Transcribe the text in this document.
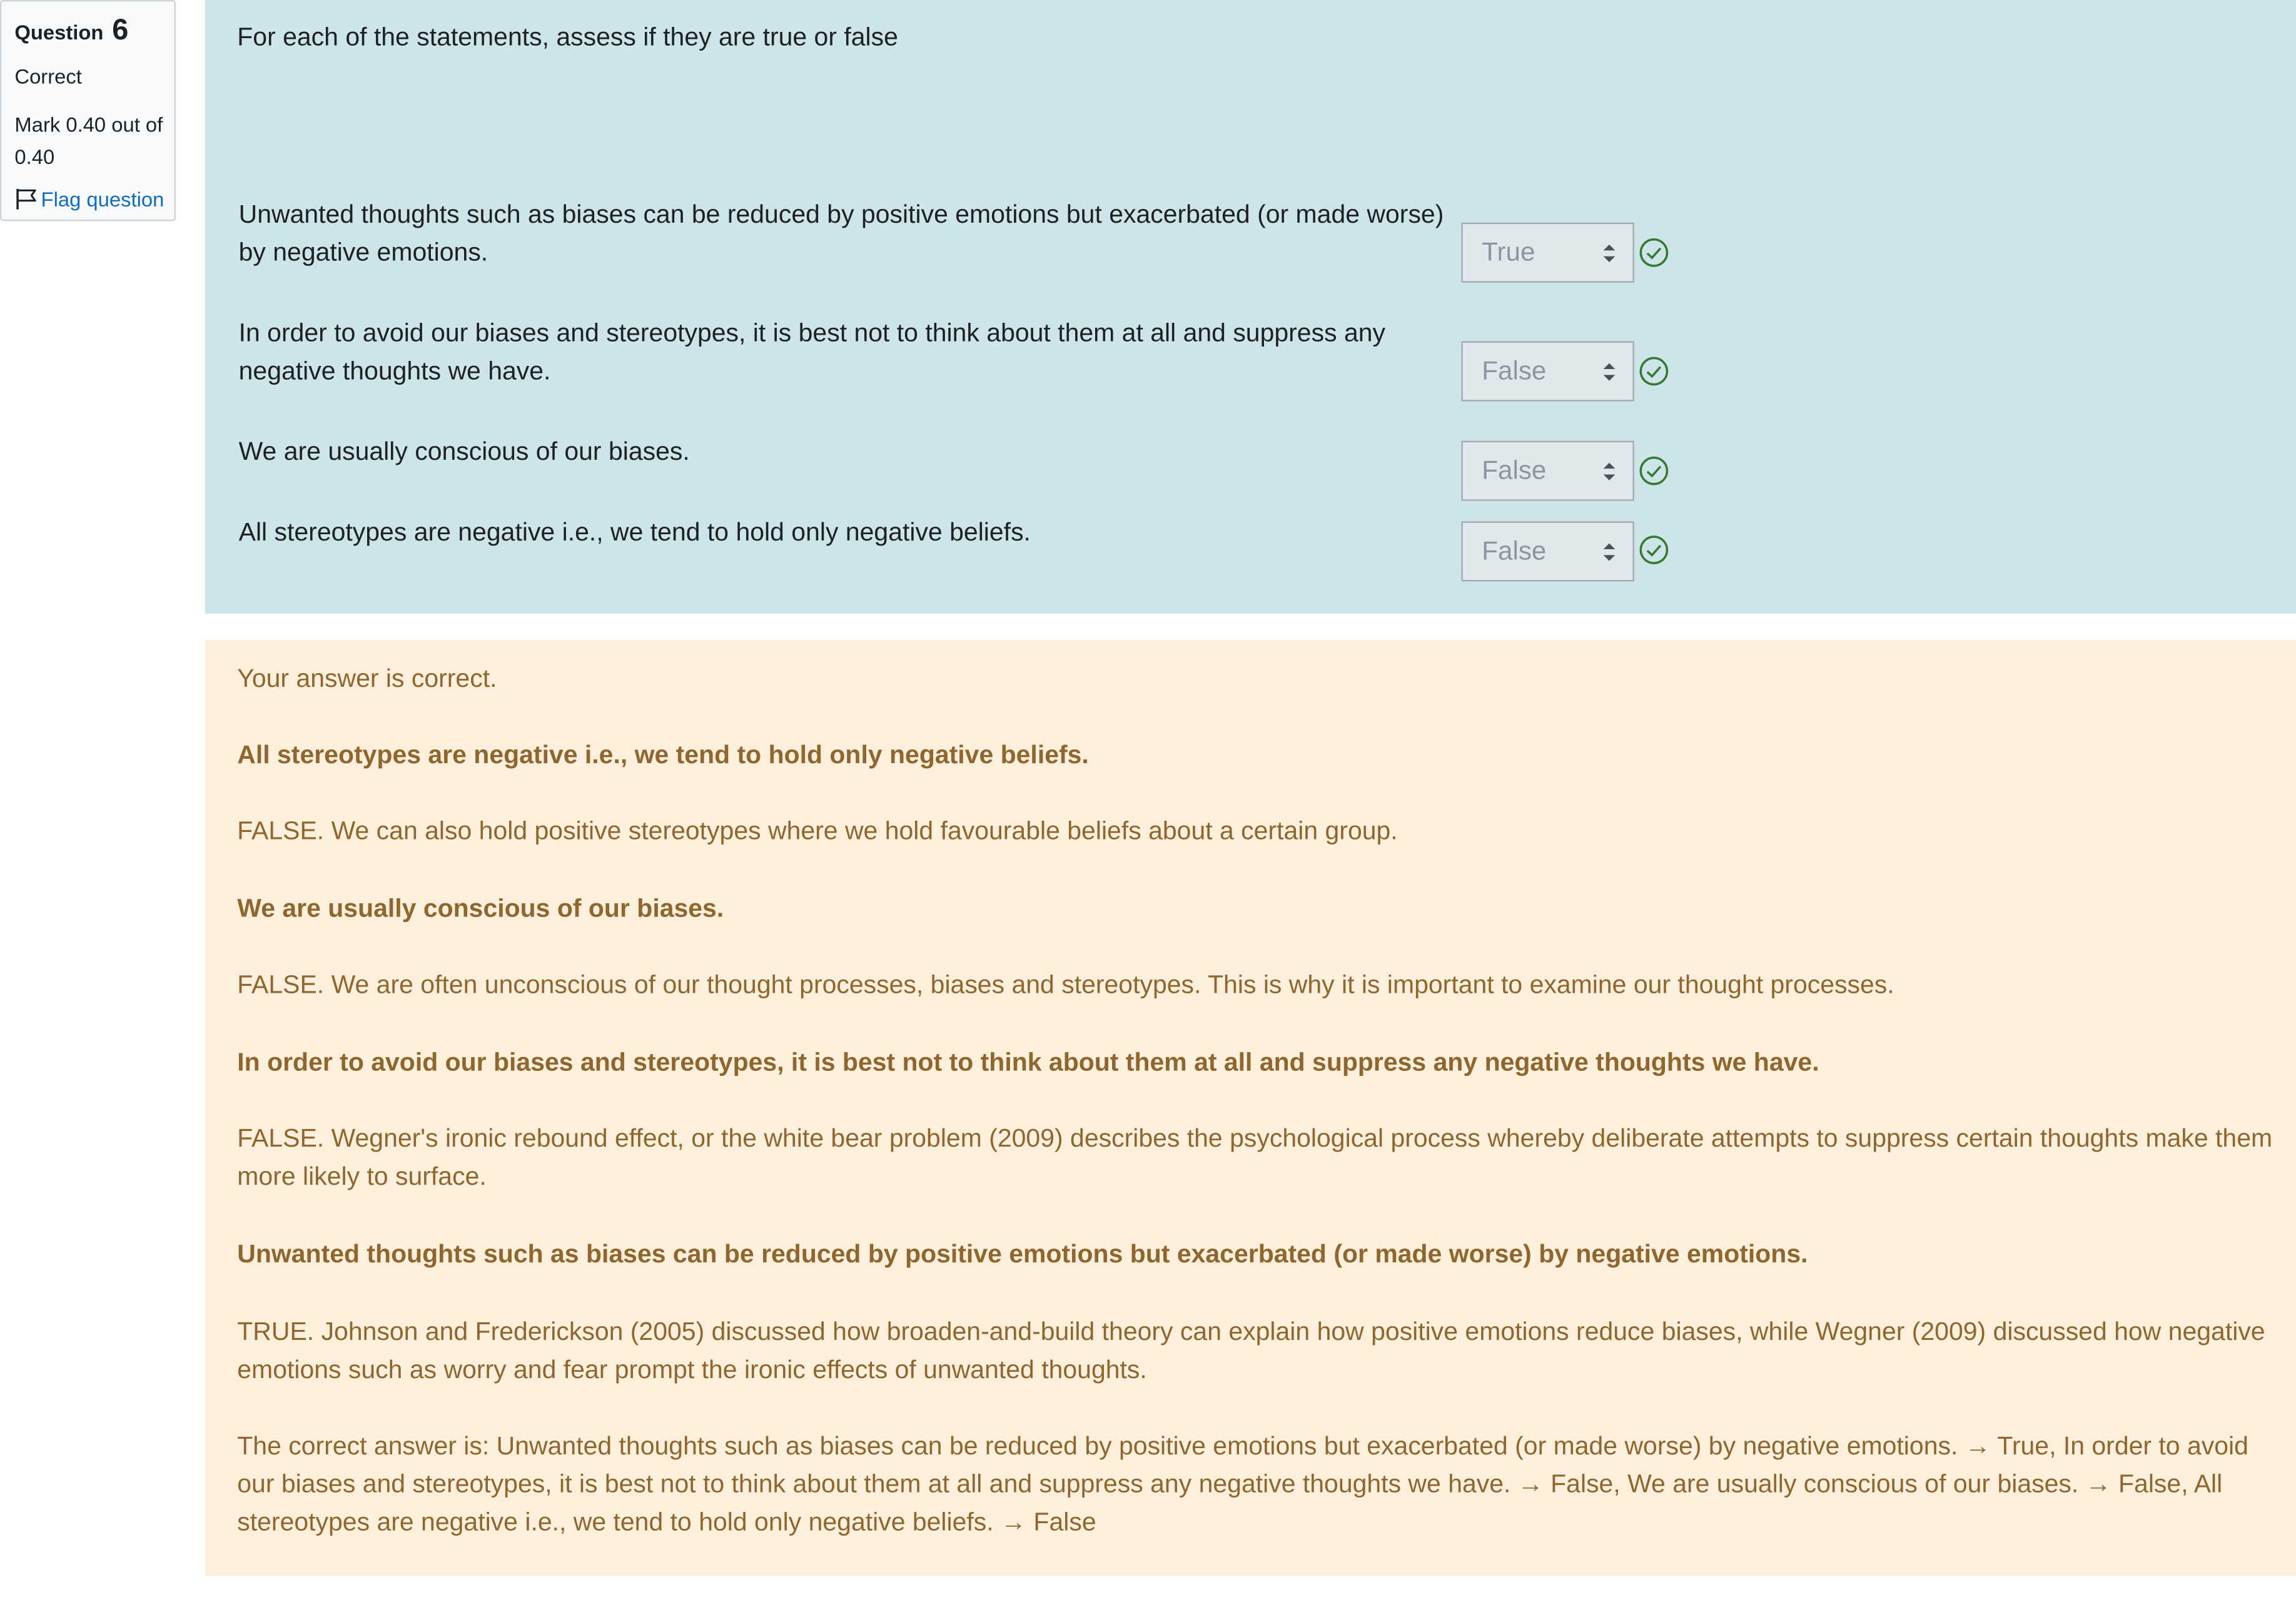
Question 6
Correct
Mark 0.40 out of 0.40
Flag question
For each of the statements, assess if they are true or false
Unwanted thoughts such as biases can be reduced by positive emotions but exacerbated (or made worse) by negative emotions.	True
In order to avoid our biases and stereotypes, it is best not to think about them at all and suppress any negative thoughts we have.	False
We are usually conscious of our biases.
False
All stereotypes are negative i.e., we tend to hold only negative beliefs.
False
Your answer is correct.
All stereotypes are negative i.e., we tend to hold only negative beliefs.
FALSE. We can also hold positive stereotypes where we hold favourable beliefs about a certain group.
We are usually conscious of our biases.
FALSE. We are often unconscious of our thought processes, biases and stereotypes. This is why it is important to examine our thought processes.
In order to avoid our biases and stereotypes, it is best not to think about them at all and suppress any negative thoughts we have.
FALSE. Wegner's ironic rebound effect, or the white bear problem (2009) describes the psychological process whereby deliberate attempts to suppress certain thoughts make them more likely to surface.
Unwanted thoughts such as biases can be reduced by positive emotions but exacerbated (or made worse) by negative emotions.
TRUE. Johnson and Frederickson (2005) discussed how broaden-and-build theory can explain how positive emotions reduce biases, while Wegner (2009) discussed how negative emotions such as worry and fear prompt the ironic effects of unwanted thoughts.
The correct answer is: Unwanted thoughts such as biases can be reduced by positive emotions but exacerbated (or made worse) by negative emotions. → True, In order to avoid our biases and stereotypes, it is best not to think about them at all and suppress any negative thoughts we have. → False, We are usually conscious of our biases. → False, All stereotypes are negative i.e., we tend to hold only negative beliefs. → False
